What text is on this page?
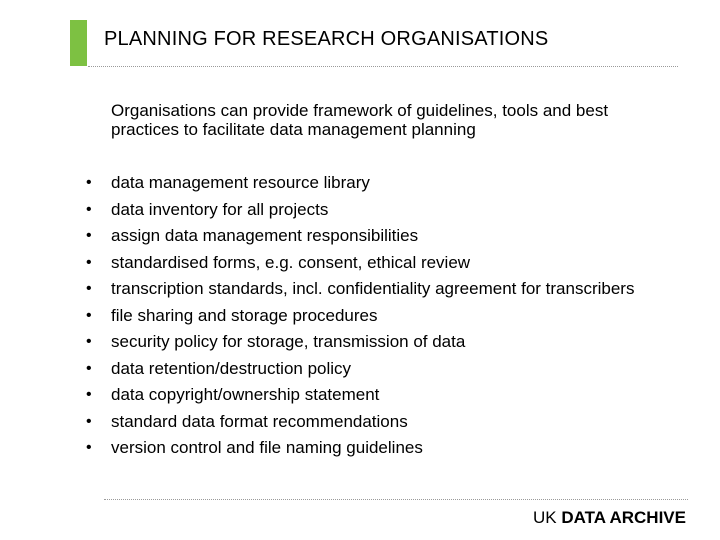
PLANNING FOR RESEARCH ORGANISATIONS
Organisations can provide framework of guidelines, tools and best practices to facilitate data management planning
•	data management resource library
•	data inventory for all projects
•	assign data management responsibilities
•	standardised forms, e.g. consent, ethical review
•	transcription standards, incl. confidentiality agreement for transcribers
•	file sharing and storage procedures
•	security policy for storage, transmission of data
•	data retention/destruction policy
•	data copyright/ownership statement
•	standard data format recommendations
•	version control and file naming guidelines
UK DATA ARCHIVE
